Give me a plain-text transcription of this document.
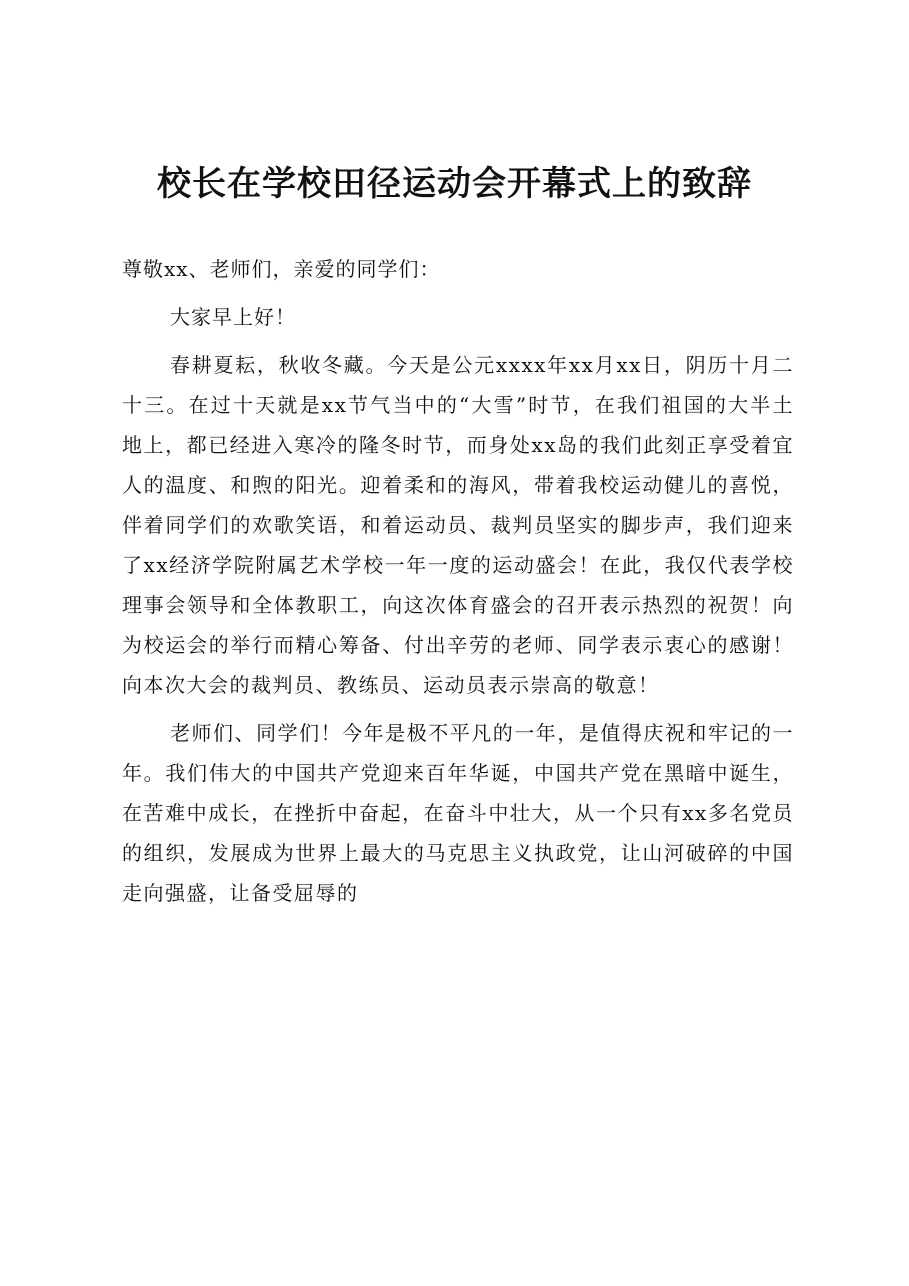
校长在学校田径运动会开幕式上的致辞

尊敬xx、老师们，亲爱的同学们：

大家早上好！

春耕夏耘，秋收冬藏。今天是公元xxxx年xx月xx日，阴历十月二十三。在过十天就是xx节气当中的“大雪”时节，在我们祖国的大半土地上，都已经进入寒冷的隆冬时节，而身处xx岛的我们此刻正享受着宜人的温度、和煦的阳光。迎着柔和的海风，带着我校运动健儿的喜悦，伴着同学们的欢歌笑语，和着运动员、裁判员坚实的脚步声，我们迎来了xx经济学院附属艺术学校一年一度的运动盛会！在此，我仅代表学校理事会领导和全体教职工，向这次体育盛会的召开表示热烈的祝贺！向为校运会的举行而精心筹备、付出辛劳的老师、同学表示衷心的感谢！向本次大会的裁判员、教练员、运动员表示崇高的敬意！

老师们、同学们！今年是极不平凡的一年，是值得庆祝和牢记的一年。我们伟大的中国共产党迎来百年华诞，中国共产党在黑暗中诞生，在苦难中成长，在挫折中奋起，在奋斗中壮大，从一个只有xx多名党员的组织，发展成为世界上最大的马克思主义执政党，让山河破碎的中国走向强盛，让备受屈辱的
